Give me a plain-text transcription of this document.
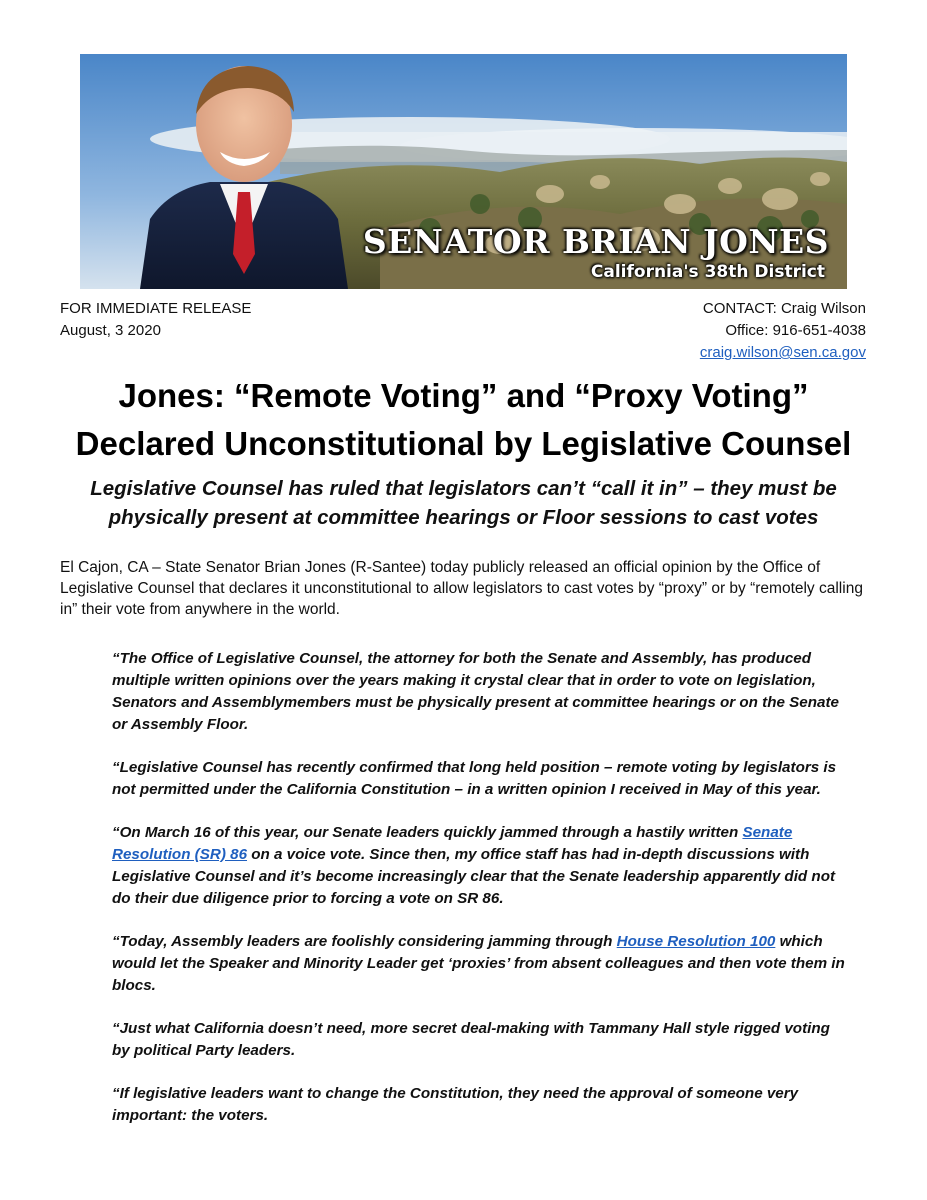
SENATOR BRIAN JONES
California's 38th District
FOR IMMEDIATE RELEASE
August, 3 2020
CONTACT: Craig Wilson
Office: 916-651-4038
craig.wilson@sen.ca.gov
Jones: “Remote Voting” and “Proxy Voting”
Declared Unconstitutional by Legislative Counsel
Legislative Counsel has ruled that legislators can’t “call it in” – they must be physically present at committee hearings or Floor sessions to cast votes
El Cajon, CA – State Senator Brian Jones (R-Santee) today publicly released an official opinion by the Office of Legislative Counsel that declares it unconstitutional to allow legislators to cast votes by “proxy” or by “remotely calling in” their vote from anywhere in the world.

“The Office of Legislative Counsel, the attorney for both the Senate and Assembly, has produced multiple written opinions over the years making it crystal clear that in order to vote on legislation, Senators and Assemblymembers must be physically present at committee hearings or on the Senate or Assembly Floor.

“Legislative Counsel has recently confirmed that long held position – remote voting by legislators is not permitted under the California Constitution – in a written opinion I received in May of this year.

“On March 16 of this year, our Senate leaders quickly jammed through a hastily written Senate Resolution (SR) 86 on a voice vote. Since then, my office staff has had in-depth discussions with Legislative Counsel and it’s become increasingly clear that the Senate leadership apparently did not do their due diligence prior to forcing a vote on SR 86.

“Today, Assembly leaders are foolishly considering jamming through House Resolution 100 which would let the Speaker and Minority Leader get ‘proxies’ from absent colleagues and then vote them in blocs.

“Just what California doesn’t need, more secret deal-making with Tammany Hall style rigged voting by political Party leaders.

“If legislative leaders want to change the Constitution, they need the approval of someone very important: the voters.
